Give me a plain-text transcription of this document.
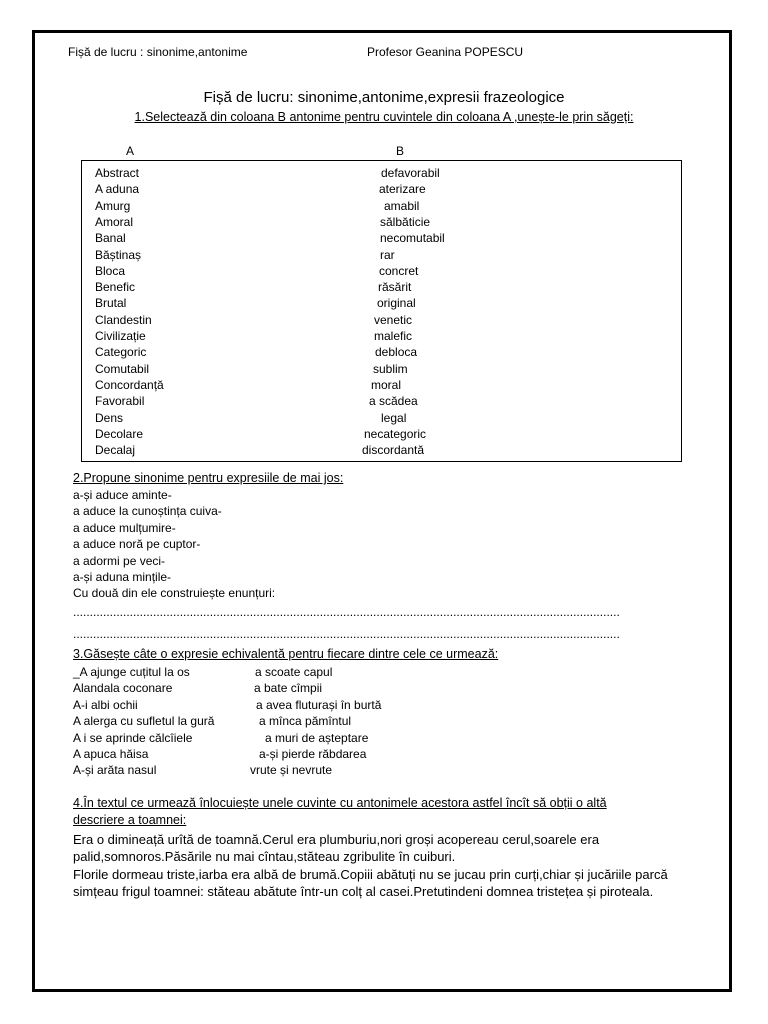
Fișă de lucru : sinonime,antonime	Profesor Geanina POPESCU
Fișă de lucru: sinonime,antonime,expresii frazeologice
1.Selectează din coloana B antonime pentru cuvintele din coloana A ,unește-le prin săgeți:
A	B
Abstract
A aduna
Amurg
Amoral
Banal
Băștinaș
Bloca
Benefic
Brutal
Clandestin
Civilizație
Categoric
Comutabil
Concordanță
Favorabil
Dens
Decolare
Decalaj
defavorabil
aterizare
amabil
sălbăticie
necomutabil
rar
concret
răsărit
original
venetic
malefic
debloca
sublim
moral
a scădea
legal
necategoric
discordantă
2.Propune sinonime pentru expresiile de mai jos:
a-și aduce aminte-
a aduce la cunoștința cuiva-
a aduce mulțumire-
a aduce noră pe cuptor-
a adormi pe veci-
a-și aduna mințile-
Cu două din ele construiește enunțuri:
....................................................................................................................................................................
....................................................................................................................................................................
3.Găsește câte o expresie echivalentă pentru fiecare dintre cele ce urmează:
_A ajunge cuțitul la os
Alandala coconare
A-i albi ochii
A alerga cu sufletul la gură
A i se aprinde călcîiele
A apuca hăisa
A-și arăta nasul
a scoate capul
a bate cîmpii
a avea fluturași în burtă
a mînca pămîntul
a muri de așteptare
a-și pierde răbdarea
vrute și nevrute
4.În textul ce urmează înlocuiește unele cuvinte cu antonimele acestora astfel încît să obții o altă
descriere a toamnei:
Era o dimineață urîtă de toamnă.Cerul era plumburiu,nori groși acopereau cerul,soarele era palid,somnoros.Păsările nu mai cîntau,stăteau zgribulite în cuiburi.
Florile dormeau triste,iarba era albă de brumă.Copiii abătuți nu se jucau prin curți,chiar și jucăriile parcă simțeau frigul toamnei: stăteau abătute într-un colț al casei.Pretutindeni domnea tristețea și piroteala.
